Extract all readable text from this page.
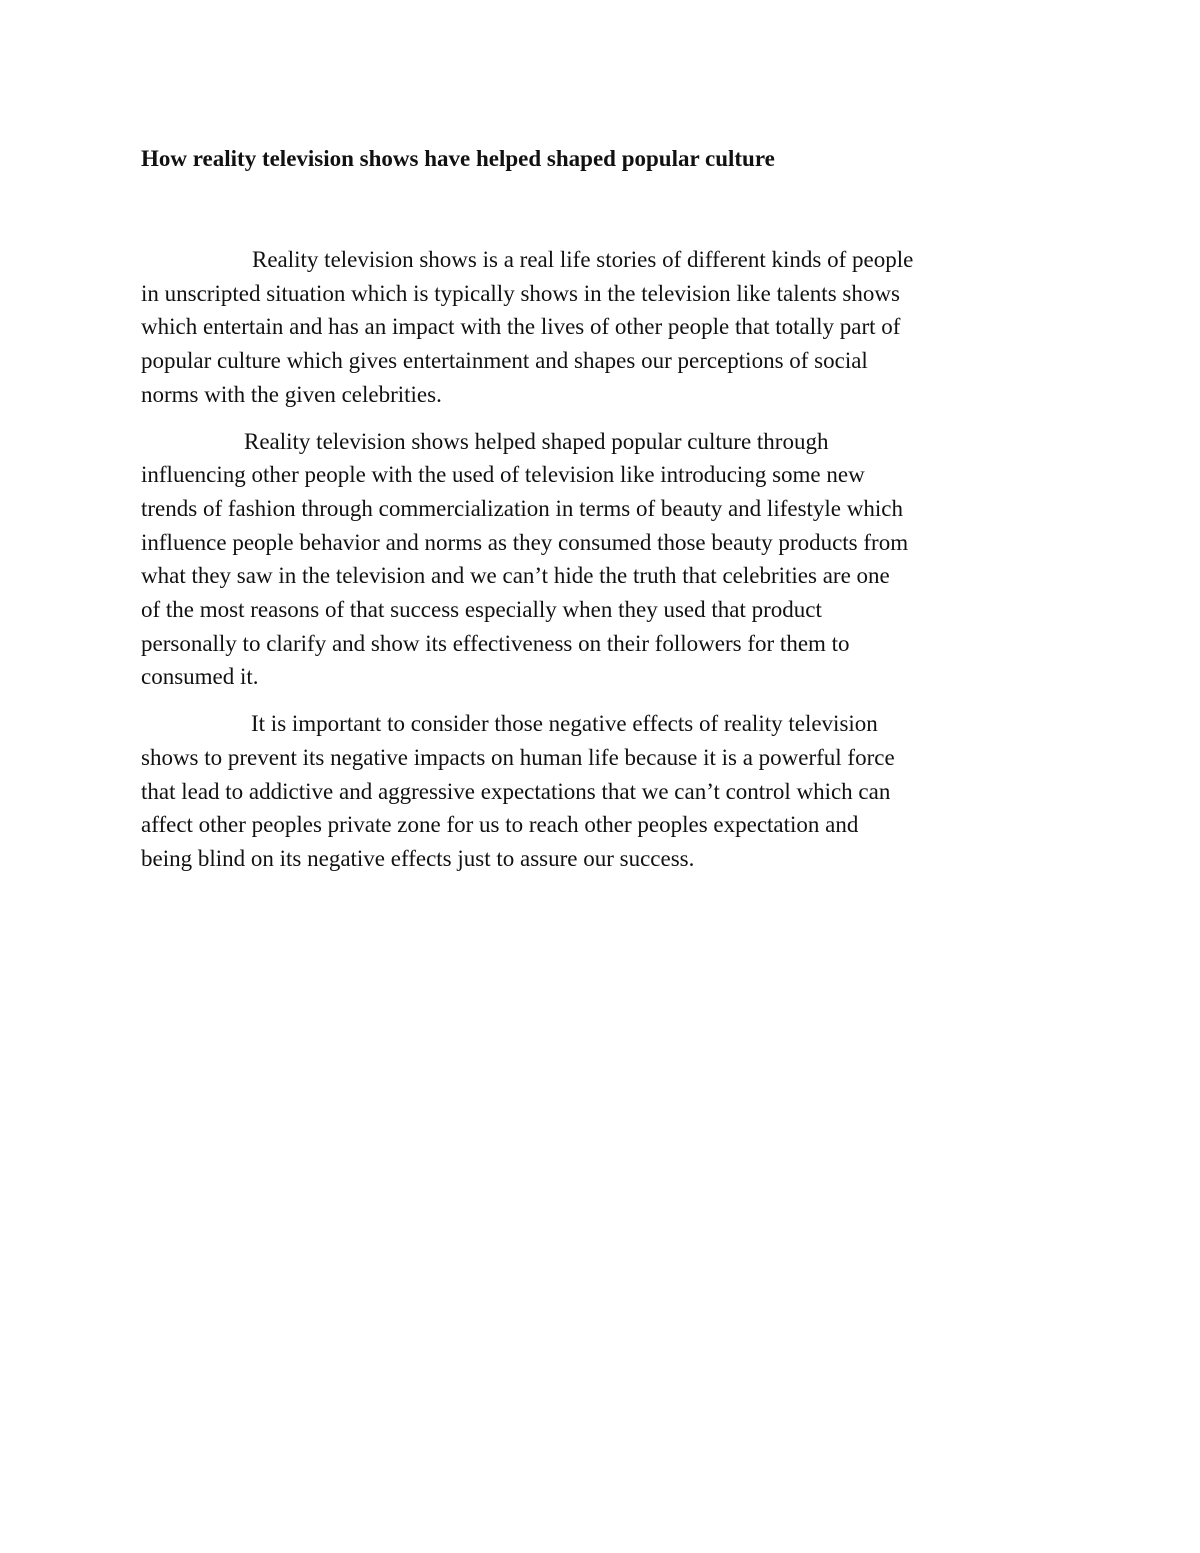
How reality television shows have helped shaped popular culture

Reality television shows is a real life stories of different kinds of people
in unscripted situation which is typically shows in the television like talents shows
which entertain and has an impact with the lives of other people that totally part of
popular culture which gives entertainment and shapes our perceptions of social
norms with the given celebrities.

Reality television shows helped shaped popular culture through
influencing other people with the used of television like introducing some new
trends of fashion through commercialization in terms of beauty and lifestyle which
influence people behavior and norms as they consumed those beauty products from
what they saw in the television and we can’t hide the truth that celebrities are one
of the most reasons of that success especially when they used that product
personally to clarify and show its effectiveness on their followers for them to
consumed it.

It is important to consider those negative effects of reality television
shows to prevent its negative impacts on human life because it is a powerful force
that lead to addictive and aggressive expectations that we can’t control which can
affect other peoples private zone for us to reach other peoples expectation and
being blind on its negative effects just to assure our success.
